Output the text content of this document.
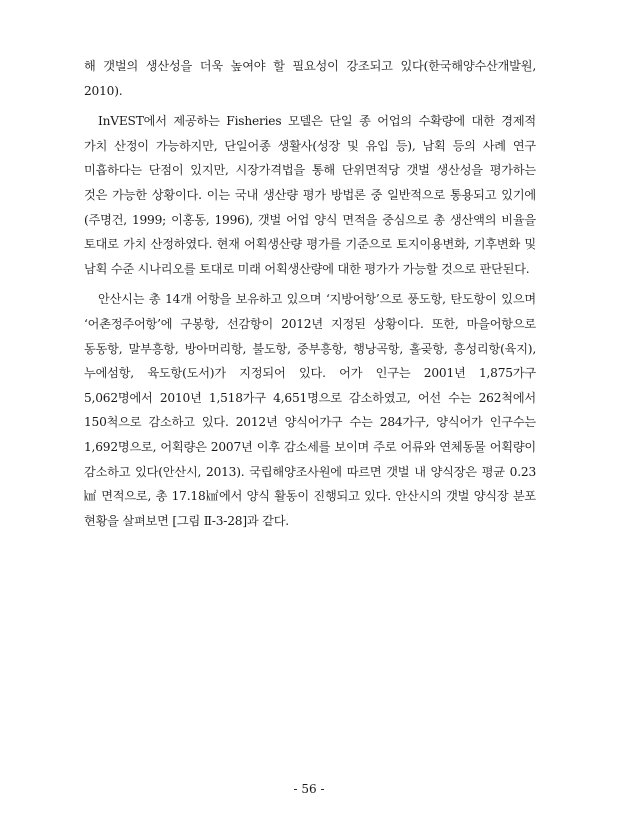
해 갯벌의 생산성을 더욱 높여야 할 필요성이 강조되고 있다(한국해양수산개발원, 2010).

InVEST에서 제공하는 Fisheries 모델은 단일 종 어업의 수확량에 대한 경제적 가치 산정이 가능하지만, 단일어종 생활사(성장 및 유입 등), 남획 등의 사례 연구 미흡하다는 단점이 있지만, 시장가격법을 통해 단위면적당 갯벌 생산성을 평가하는 것은 가능한 상황이다. 이는 국내 생산량 평가 방법론 중 일반적으로 통용되고 있기에(주명건, 1999; 이홍동, 1996), 갯벌 어업 양식 면적을 중심으로 총 생산액의 비율을 토대로 가치 산정하였다. 현재 어획생산량 평가를 기준으로 토지이용변화, 기후변화 및 남획 수준 시나리오를 토대로 미래 어획생산량에 대한 평가가 가능할 것으로 판단된다.

안산시는 총 14개 어항을 보유하고 있으며 ‘지방어항’으로 풍도항, 탄도항이 있으며 ‘어촌정주어항’에 구봉항, 선감항이 2012년 지정된 상황이다. 또한, 마을어항으로 동동항, 말부흥항, 방아머리항, 불도항, 중부흥항, 행낭곡항, 홀곶항, 흥성리항(육지), 누에섬항, 육도항(도서)가 지정되어 있다. 어가 인구는 2001년 1,875가구 5,062명에서 2010년 1,518가구 4,651명으로 감소하였고, 어선 수는 262척에서 150척으로 감소하고 있다. 2012년 양식어가구 수는 284가구, 양식어가 인구수는 1,692명으로, 어획량은 2007년 이후 감소세를 보이며 주로 어류와 연체동물 어획량이 감소하고 있다(안산시, 2013). 국립해양조사원에 따르면 갯벌 내 양식장은 평균 0.23㎢ 면적으로, 총 17.18㎢에서 양식 활동이 진행되고 있다. 안산시의 갯벌 양식장 분포 현황을 살펴보면 [그림 Ⅱ-3-28]과 같다.

- 56 -
